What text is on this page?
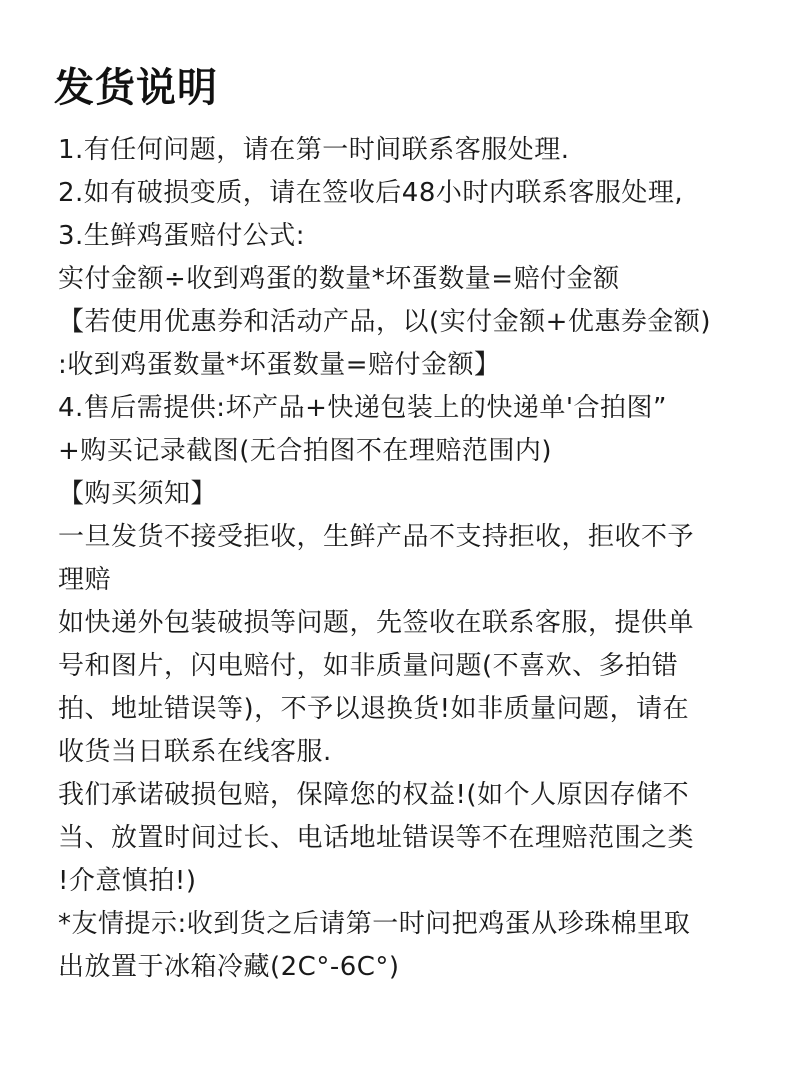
发货说明
1.有任何问题，请在第一时间联系客服处理.
2.如有破损变质，请在签收后48小时内联系客服处理,
3.生鲜鸡蛋赔付公式:
实付金额÷收到鸡蛋的数量*坏蛋数量=赔付金额
【若使用优惠券和活动产品，以(实付金额+优惠券金额)
:收到鸡蛋数量*坏蛋数量=赔付金额】
4.售后需提供:坏产品+快递包装上的快递单'合拍图”
+购买记录截图(无合拍图不在理赔范围内)
【购买须知】
一旦发货不接受拒收，生鲜产品不支持拒收，拒收不予
理赔
如快递外包装破损等问题，先签收在联系客服，提供单
号和图片，闪电赔付，如非质量问题(不喜欢、多拍错
拍、地址错误等)，不予以退换货!如非质量问题，请在
收货当日联系在线客服.
我们承诺破损包赔，保障您的权益!(如个人原因存储不
当、放置时间过长、电话地址错误等不在理赔范围之类
!介意慎拍!)
*友情提示:收到货之后请第一时问把鸡蛋从珍珠棉里取
出放置于冰箱冷藏(2C°-6C°)
